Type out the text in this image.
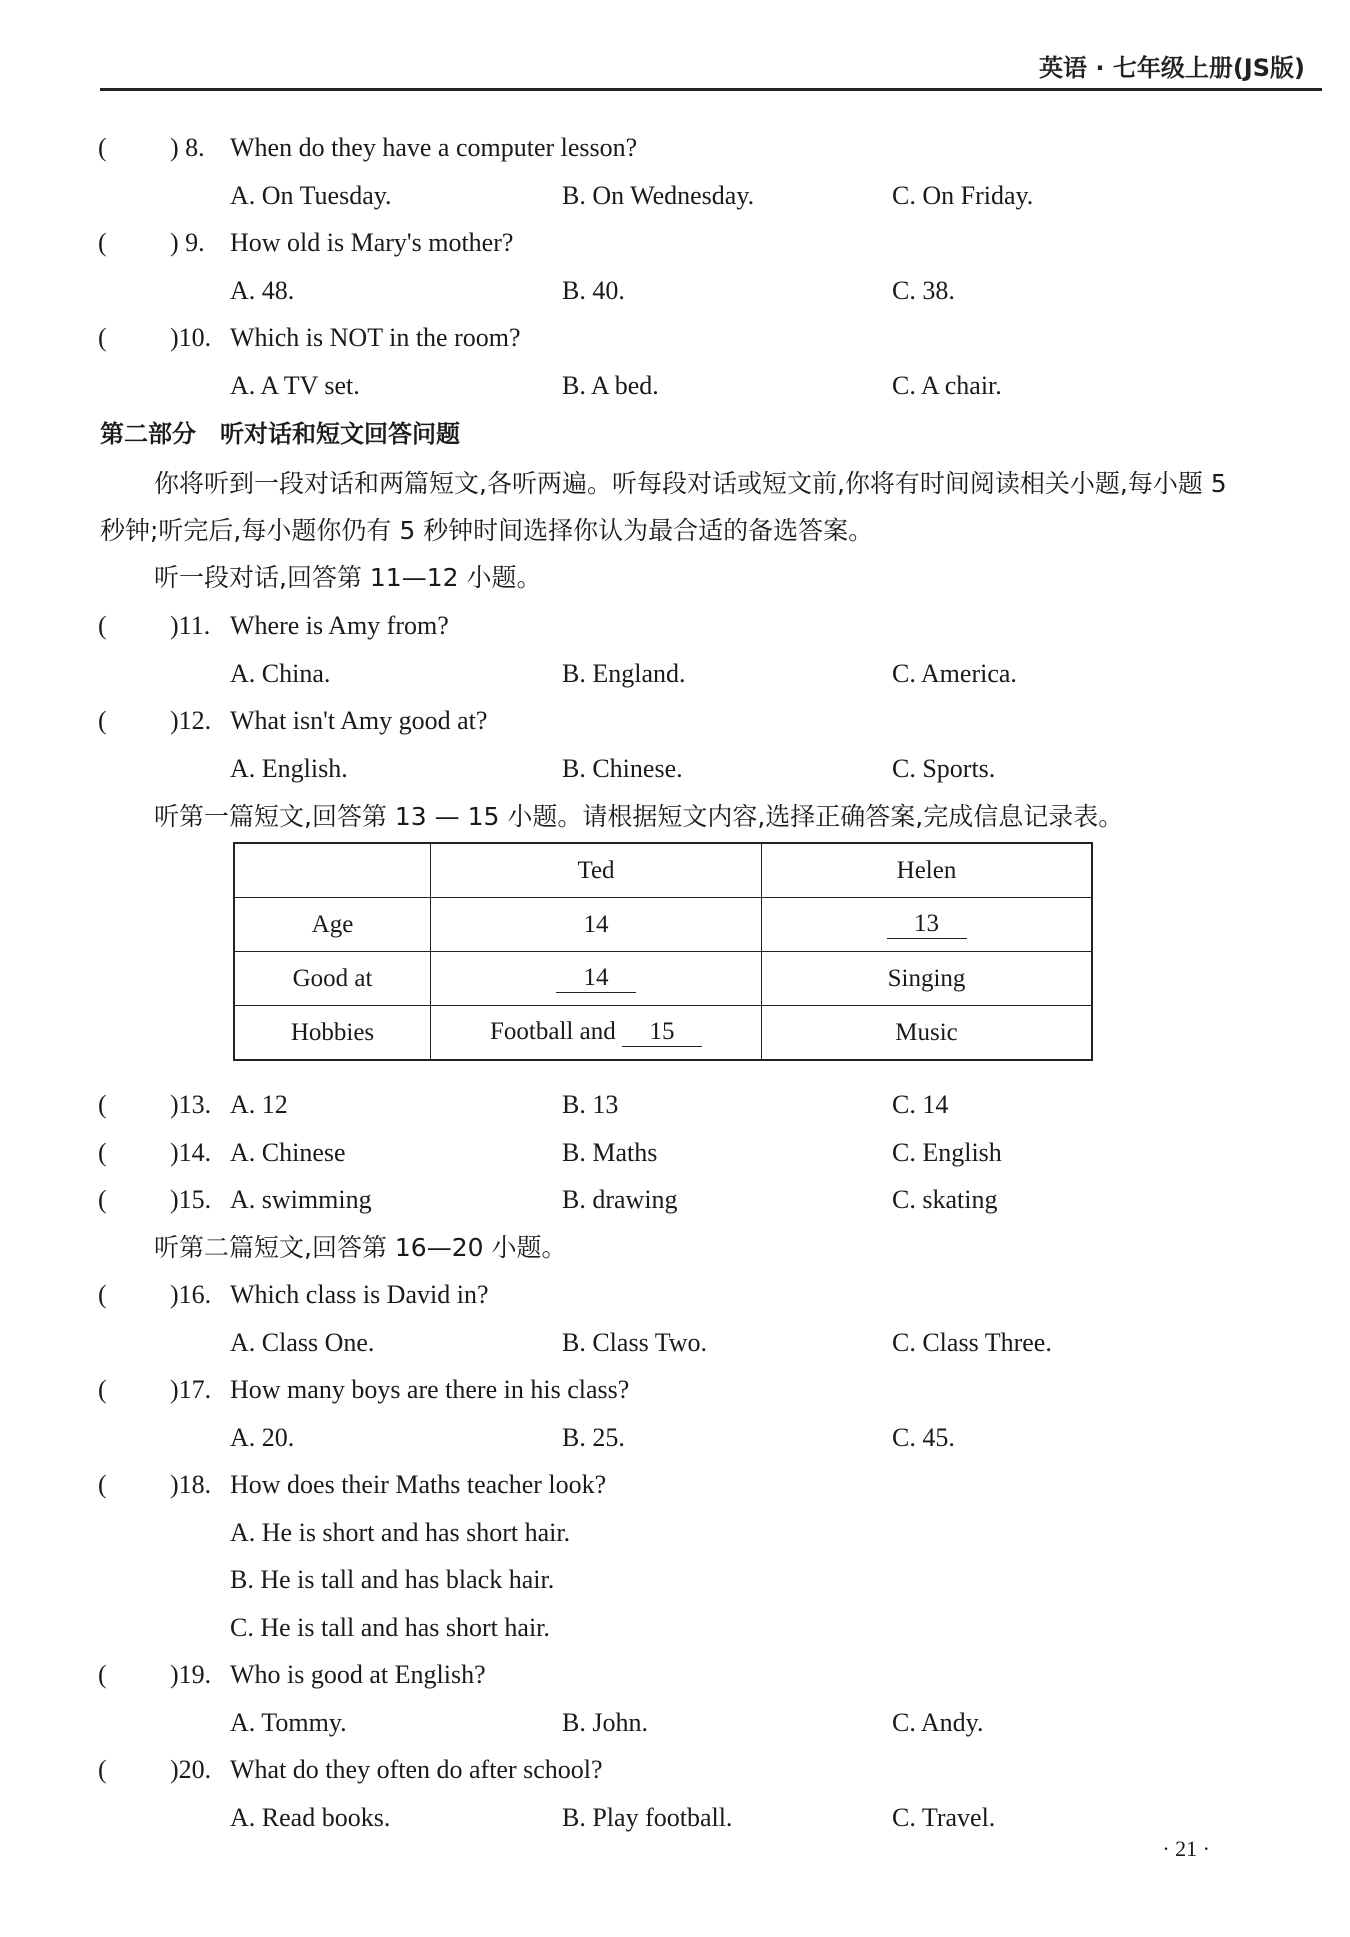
英语 · 七年级上册(JS版)
( ) 8. When do they have a computer lesson?
A. On Tuesday.	B. On Wednesday.	C. On Friday.
( ) 9. How old is Mary's mother?
A. 48.	B. 40.	C. 38.
( )10. Which is NOT in the room?
A. A TV set.	B. A bed.	C. A chair.
第二部分　听对话和短文回答问题
你将听到一段对话和两篇短文,各听两遍。听每段对话或短文前,你将有时间阅读相关小题,每小题 5 秒钟;听完后,每小题你仍有 5 秒钟时间选择你认为最合适的备选答案。
听一段对话,回答第 11—12 小题。
( )11. Where is Amy from?
A. China.	B. England.	C. America.
( )12. What isn't Amy good at?
A. English.	B. Chinese.	C. Sports.
听第一篇短文,回答第 13 — 15 小题。请根据短文内容,选择正确答案,完成信息记录表。
	Ted	Helen
Age	14	13
Good at	14	Singing
Hobbies	Football and 15	Music
( )13. A. 12	B. 13	C. 14
( )14. A. Chinese	B. Maths	C. English
( )15. A. swimming	B. drawing	C. skating
听第二篇短文,回答第 16—20 小题。
( )16. Which class is David in?
A. Class One.	B. Class Two.	C. Class Three.
( )17. How many boys are there in his class?
A. 20.	B. 25.	C. 45.
( )18. How does their Maths teacher look?
A. He is short and has short hair.
B. He is tall and has black hair.
C. He is tall and has short hair.
( )19. Who is good at English?
A. Tommy.	B. John.	C. Andy.
( )20. What do they often do after school?
A. Read books.	B. Play football.	C. Travel.
· 21 ·
